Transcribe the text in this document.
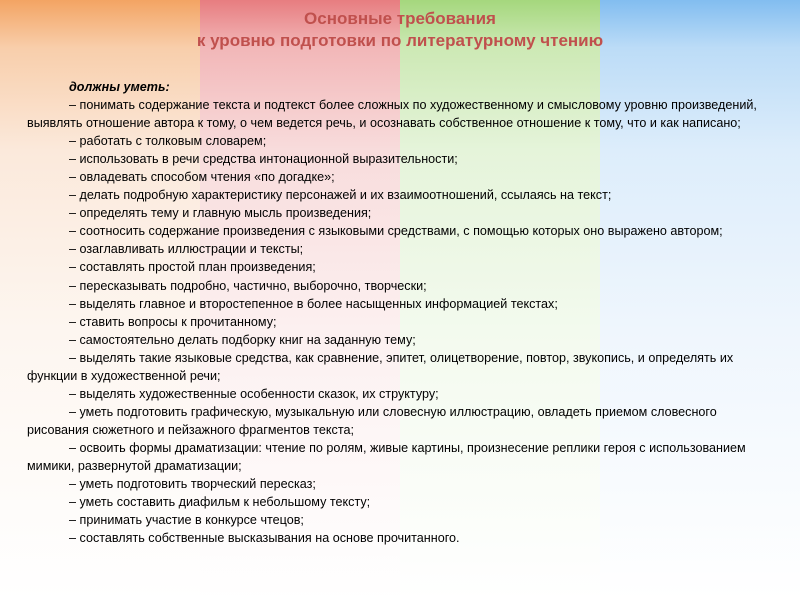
Основные требования
к уровню подготовки по литературному чтению
должны уметь:
– понимать содержание текста и подтекст более сложных по художественному и смысловому уровню произведений, выявлять отношение автора к тому, о чем ведется речь, и осознавать собственное отношение к тому, что и как написано;
– работать с толковым словарем;
– использовать в речи средства интонационной выразительности;
– овладевать способом чтения «по догадке»;
– делать подробную характеристику персонажей и их взаимоотношений, ссылаясь на текст;
– определять тему и главную мысль произведения;
– соотносить содержание произведения с языковыми средствами, с помощью которых оно выражено автором;
– озаглавливать иллюстрации и тексты;
– составлять простой план произведения;
– пересказывать подробно, частично, выборочно, творчески;
– выделять главное и второстепенное в более насыщенных информацией текстах;
– ставить вопросы к прочитанному;
– самостоятельно делать подборку книг на заданную тему;
– выделять такие языковые средства, как сравнение, эпитет, олицетворение, повтор, звукопись, и определять их функции в художественной речи;
– выделять художественные особенности сказок, их структуру;
– уметь подготовить графическую, музыкальную или словесную иллюстрацию, овладеть приемом словесного рисования сюжетного и пейзажного фрагментов текста;
– освоить формы драматизации: чтение по ролям, живые картины, произнесение реплики героя с использованием мимики, развернутой драматизации;
– уметь подготовить творческий пересказ;
– уметь составить диафильм к небольшому тексту;
– принимать участие в конкурсе чтецов;
– составлять собственные высказывания на основе прочитанного.
